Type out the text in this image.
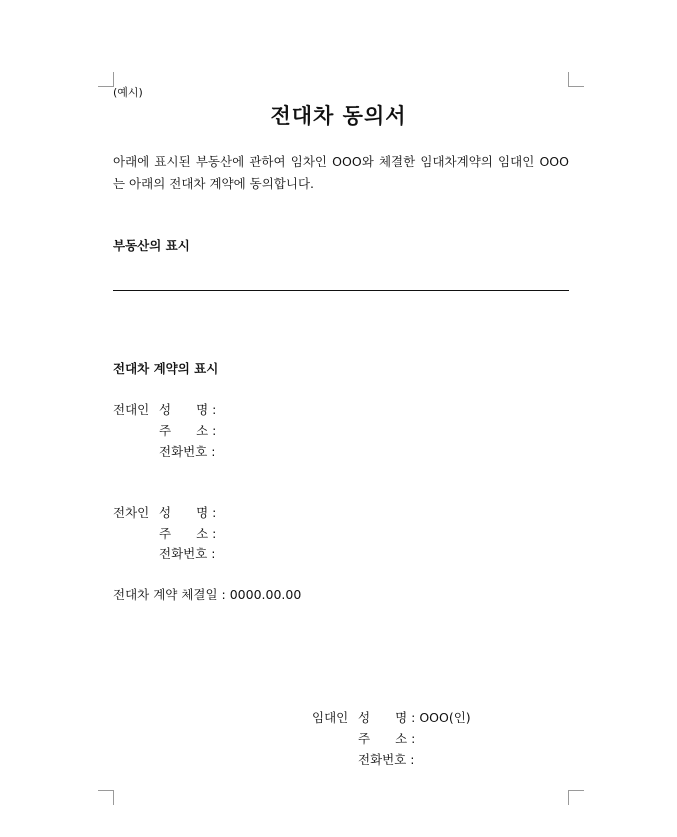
(예시)
전대차 동의서
아래에 표시된 부동산에 관하여 임차인 OOO와 체결한 임대차계약의 임대인 OOO는 아래의 전대차 계약에 동의합니다.
부동산의 표시
전대차 계약의 표시
전대인 성　　명 :
주　　소 :
전화번호 :
전차인 성　　명 :
주　　소 :
전화번호 :
전대차 계약 체결일 : 0000.00.00
임대인 성　　명 : OOO(인)
주　　소 :
전화번호 :
